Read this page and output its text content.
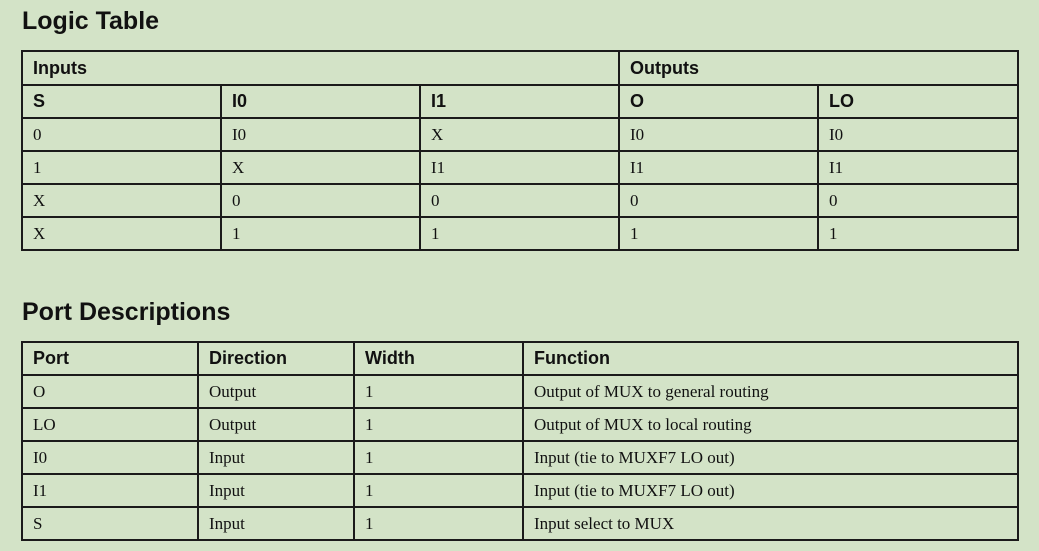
Logic Table
Inputs			Outputs	
S	I0	I1	O	LO
0	I0	X	I0	I0
1	X	I1	I1	I1
X	0	0	0	0
X	1	1	1	1
Port Descriptions
Port	Direction	Width	Function
O	Output	1	Output of MUX to general routing
LO	Output	1	Output of MUX to local routing
I0	Input	1	Input (tie to MUXF7 LO out)
I1	Input	1	Input (tie to MUXF7 LO out)
S	Input	1	Input select to MUX
